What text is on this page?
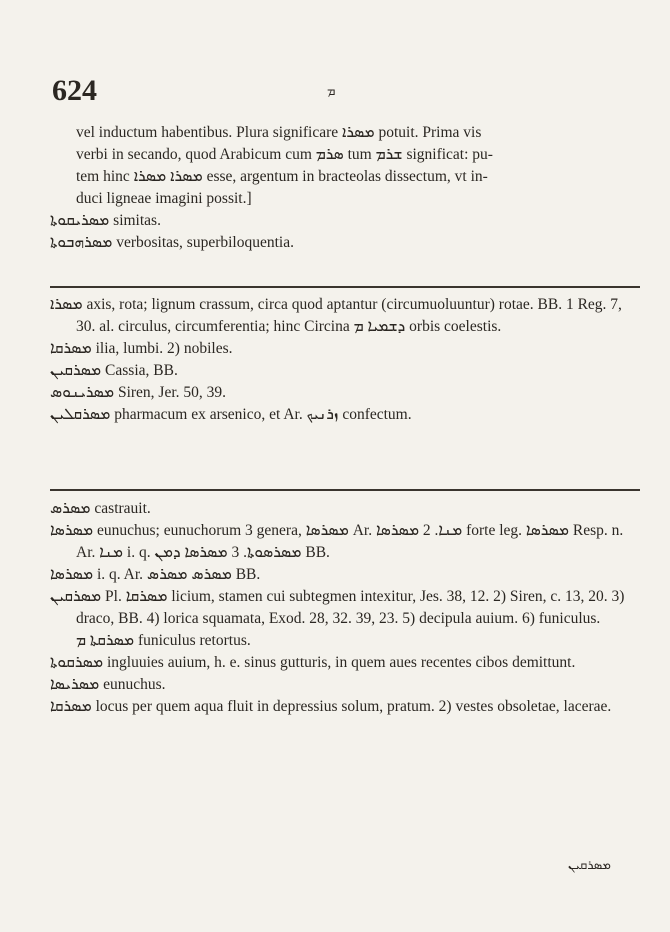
624	ܡ

vel inductum habentibus. Plura significare ܡܣܪܐ potuit. Prima vis

verbi in secando, quod Arabicum cum ܣܪܡ tum ܫܪܡ significat: pu-

tem hinc ܡܣܪܐ ܡܣܪܐ esse, argentum in bracteolas dissectum, vt in-

duci ligneae imagini possit.]

ܡܣܪܝܩܘܬܐ simitas.

ܡܣܪܗܒܘܬܐ verbositas, superbiloquentia.

ܡܣܪܐ axis, rota; lignum crassum, circa quod aptantur (circumuoluuntur) rotae. BB. 1 Reg. 7, 30. al. circulus, circumferentia; hinc Circina ܕܫܡܝܐ ܡ orbis coelestis.

ܡܣܪܩܐ ilia, lumbi. 2) nobiles.

ܡܣܪܩܝܢ Cassia, BB.

ܡܣܪܝܢܘܣ Siren, Jer. 50, 39.

ܡܣܪܩܠܝܢ pharmacum ex arsenico, et Ar. ܙܪܢܝܟ confectum.

ܡܣܪܣ castrauit.

ܡܣܪܣܐ eunuchus; eunuchorum 3 genera, ܡܣܪܣܐ Ar. ܡܢܐ. 2 ܡܣܪܣܐ forte leg. ܡܣܪܣܐ Resp. n. Ar. ܡܢܐ i. q. ܡܣܪܣܘܬܐ. 3 ܡܣܪܣܐ ܕܡܢ BB.

ܡܣܪܣܐ i. q. Ar. ܡܣܪܣ ܡܣܪܣ BB.

ܡܣܪܩܝܢ Pl. ܡܣܪܩܐ licium, stamen cui subtegmen intexitur, Jes. 38, 12. 2) Siren, c. 13, 20. 3) draco, BB. 4) lorica squamata, Exod. 28, 32. 39, 23. 5) decipula auium. 6) funiculus. ܡܣܪܩܬܐ ܡ funiculus retortus.

ܡܣܪܩܘܬܐ ingluuies auium, h. e. sinus gutturis, in quem aues recentes cibos demittunt.

ܡܣܪܝܣܐ eunuchus.

ܡܣܪܩܐ locus per quem aqua fluit in depressius solum, pratum. 2) vestes obsoletae, lacerae.

ܡܣܪܩܝܢ
